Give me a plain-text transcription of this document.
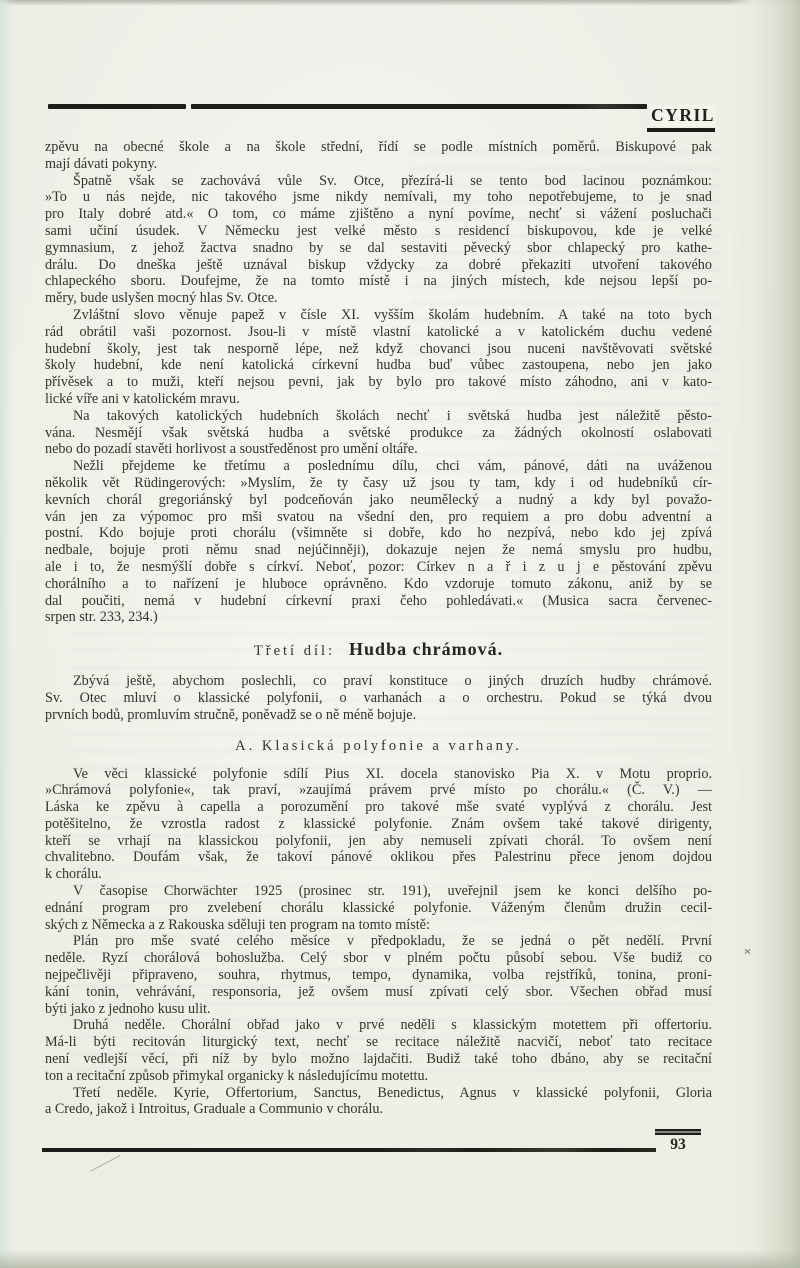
CYRIL
zpěvu na obecné škole a na škole střední, řídí se podle místních poměrů. Biskupové pak
mají dávati pokyny.
Špatně však se zachovává vůle Sv. Otce, přezírá-li se tento bod lacinou poznámkou:
»To u nás nejde, nic takového jsme nikdy nemívali, my toho nepotřebujeme, to je snad
pro Italy dobré atd.« O tom, co máme zjištěno a nyní povíme, nechť si vážení posluchači
sami učiní úsudek. V Německu jest velké město s residencí biskupovou, kde je velké
gymnasium, z jehož žactva snadno by se dal sestaviti pěvecký sbor chlapecký pro kathe-
drálu. Do dneška ještě uznával biskup vždycky za dobré překaziti utvoření takového
chlapeckého sboru. Doufejme, že na tomto místě i na jiných místech, kde nejsou lepší po-
měry, bude uslyšen mocný hlas Sv. Otce.
Zvláštní slovo věnuje papež v čísle XI. vyšším školám hudebním. A také na toto bych
rád obrátil vaši pozornost. Jsou-li v místě vlastní katolické a v katolickém duchu vedené
hudební školy, jest tak nesporně lépe, než když chovanci jsou nuceni navštěvovati světské
školy hudební, kde není katolická církevní hudba buď vůbec zastoupena, nebo jen jako
přívěsek a to muži, kteří nejsou pevni, jak by bylo pro takové místo záhodno, ani v kato-
lické víře ani v katolickém mravu.
Na takových katolických hudebních školách nechť i světská hudba jest náležitě pěsto-
vána. Nesmějí však světská hudba a světské produkce za žádných okolností oslabovati
nebo do pozadí stavěti horlivost a soustředěnost pro umění oltáře.
Nežli přejdeme ke třetímu a poslednímu dílu, chci vám, pánové, dáti na uváženou
několik vět Rüdingerových: »Myslím, že ty časy už jsou ty tam, kdy i od hudebníků cír-
kevních chorál gregoriánský byl podceňován jako neumělecký a nudný a kdy byl považo-
ván jen za výpomoc pro mši svatou na všední den, pro requiem a pro dobu adventní a
postní. Kdo bojuje proti chorálu (všimněte si dobře, kdo ho nezpívá, nebo kdo jej zpívá
nedbale, bojuje proti němu snad nejúčinněji), dokazuje nejen že nemá smyslu pro hudbu,
ale i to, že nesmýšlí dobře s církví. Neboť, pozor: Církev n a ř i z u j e pěstování zpěvu
chorálního a to nařízení je hluboce oprávněno. Kdo vzdoruje tomuto zákonu, aniž by se
dal poučiti, nemá v hudební církevní praxi čeho pohledávati.« (Musica sacra červenec-
srpen str. 233, 234.)
Třetí díl: Hudba chrámová.
Zbývá ještě, abychom poslechli, co praví konstituce o jiných druzích hudby chrámové.
Sv. Otec mluví o klassické polyfonii, o varhanách a o orchestru. Pokud se týká dvou
prvních bodů, promluvím stručně, poněvadž se o ně méně bojuje.
A. Klasická polyfonie a varhany.
Ve věci klassické polyfonie sdílí Pius XI. docela stanovisko Pia X. v Motu proprio.
»Chrámová polyfonie«, tak praví, »zaujímá právem prvé místo po chorálu.« (Č. V.) —
Láska ke zpěvu à capella a porozumění pro takové mše svaté vyplývá z chorálu. Jest
potěšitelno, že vzrostla radost z klassické polyfonie. Znám ovšem také takové dirigenty,
kteří se vrhají na klassickou polyfonii, jen aby nemuseli zpívati chorál. To ovšem není
chvalitebno. Doufám však, že takoví pánové oklikou přes Palestrinu přece jenom dojdou
k chorálu.
V časopise Chorwächter 1925 (prosinec str. 191), uveřejnil jsem ke konci delšího po-
ednání program pro zvelebení chorálu klassické polyfonie. Váženým členům družin cecil-
ských z Německa a z Rakouska sděluji ten program na tomto místě:
Plán pro mše svaté celého měsíce v předpokladu, že se jedná o pět nedělí. První
neděle. Ryzí chorálová bohoslužba. Celý sbor v plném počtu působí sebou. Vše budiž co
nejpečlivěji připraveno, souhra, rhytmus, tempo, dynamika, volba rejstříků, tonina, proni-
kání tonin, vehrávání, responsoria, jež ovšem musí zpívati celý sbor. Všechen obřad musí
býti jako z jednoho kusu ulit.
Druhá neděle. Chorální obřad jako v prvé neděli s klassickým motettem při offertoriu.
Má-li býti recitován liturgický text, nechť se recitace náležitě nacvičí, neboť tato recitace
není vedlejší věcí, při níž by bylo možno lajdačiti. Budiž také toho dbáno, aby se recitační
ton a recitační způsob přimykal organicky k následujícímu motettu.
Třetí neděle. Kyrie, Offertorium, Sanctus, Benedictus, Agnus v klassické polyfonii, Gloria
a Credo, jakož i Introitus, Graduale a Communio v chorálu.
93
